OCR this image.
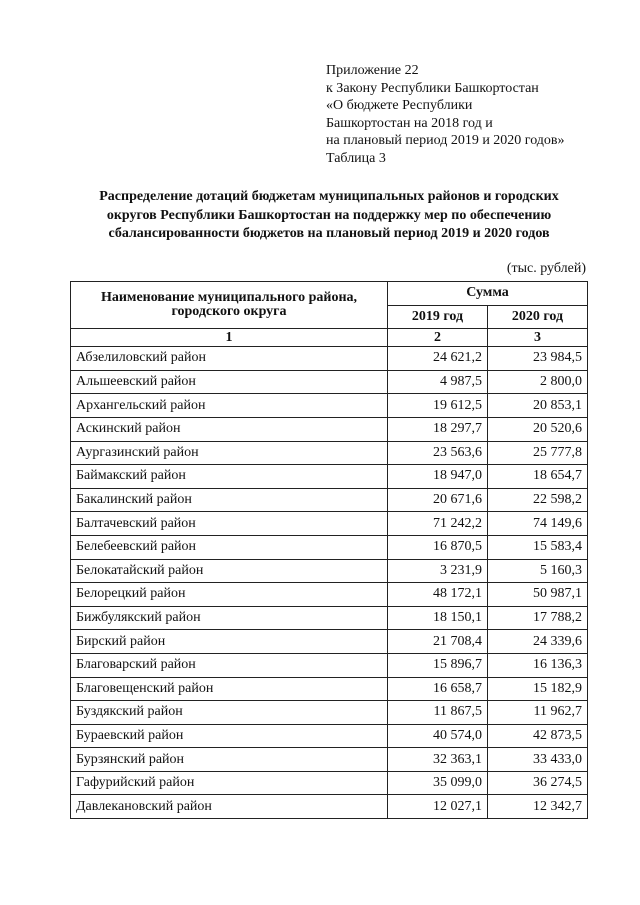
Приложение 22
к Закону Республики Башкортостан
«О бюджете Республики
Башкортостан на 2018 год и
на плановый период 2019 и 2020 годов»
Таблица 3
Распределение дотаций бюджетам муниципальных районов и городских
округов Республики Башкортостан на поддержку мер по обеспечению
сбалансированности бюджетов на плановый период 2019 и 2020 годов
(тыс. рублей)
Наименование муниципального района, городского округа	Сумма	
	2019 год	2020 год
1	2	3
Абзелиловский район	24 621,2	23 984,5
Альшеевский район	4 987,5	2 800,0
Архангельский район	19 612,5	20 853,1
Аскинский район	18 297,7	20 520,6
Аургазинский район	23 563,6	25 777,8
Баймакский район	18 947,0	18 654,7
Бакалинский район	20 671,6	22 598,2
Балтачевский район	71 242,2	74 149,6
Белебеевский район	16 870,5	15 583,4
Белокатайский район	3 231,9	5 160,3
Белорецкий район	48 172,1	50 987,1
Бижбулякский район	18 150,1	17 788,2
Бирский район	21 708,4	24 339,6
Благоварский район	15 896,7	16 136,3
Благовещенский район	16 658,7	15 182,9
Буздякский район	11 867,5	11 962,7
Бураевский район	40 574,0	42 873,5
Бурзянский район	32 363,1	33 433,0
Гафурийский район	35 099,0	36 274,5
Давлекановский район	12 027,1	12 342,7
